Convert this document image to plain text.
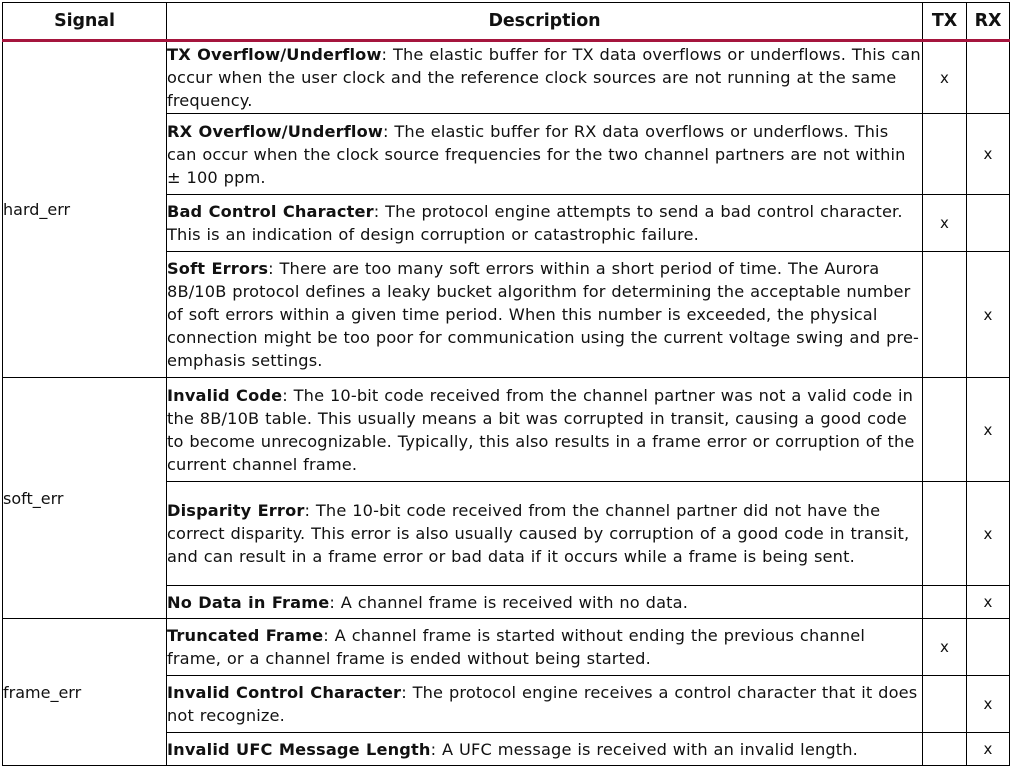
Signal	Description	TX	RX
hard_err	TX Overflow/Underflow: The elastic buffer for TX data overflows or underflows. This can occur when the user clock and the reference clock sources are not running at the same frequency.	x	
	RX Overflow/Underflow: The elastic buffer for RX data overflows or underflows. This can occur when the clock source frequencies for the two channel partners are not within ± 100 ppm.		x
	Bad Control Character: The protocol engine attempts to send a bad control character. This is an indication of design corruption or catastrophic failure.	x	
	Soft Errors: There are too many soft errors within a short period of time. The Aurora 8B/10B protocol defines a leaky bucket algorithm for determining the acceptable number of soft errors within a given time period. When this number is exceeded, the physical connection might be too poor for communication using the current voltage swing and pre-emphasis settings.		x
soft_err	Invalid Code: The 10-bit code received from the channel partner was not a valid code in the 8B/10B table. This usually means a bit was corrupted in transit, causing a good code to become unrecognizable. Typically, this also results in a frame error or corruption of the current channel frame.		x
	Disparity Error: The 10-bit code received from the channel partner did not have the correct disparity. This error is also usually caused by corruption of a good code in transit, and can result in a frame error or bad data if it occurs while a frame is being sent.		x
	No Data in Frame: A channel frame is received with no data.		x
frame_err	Truncated Frame: A channel frame is started without ending the previous channel frame, or a channel frame is ended without being started.	x	
	Invalid Control Character: The protocol engine receives a control character that it does not recognize.		x
	Invalid UFC Message Length: A UFC message is received with an invalid length.		x
